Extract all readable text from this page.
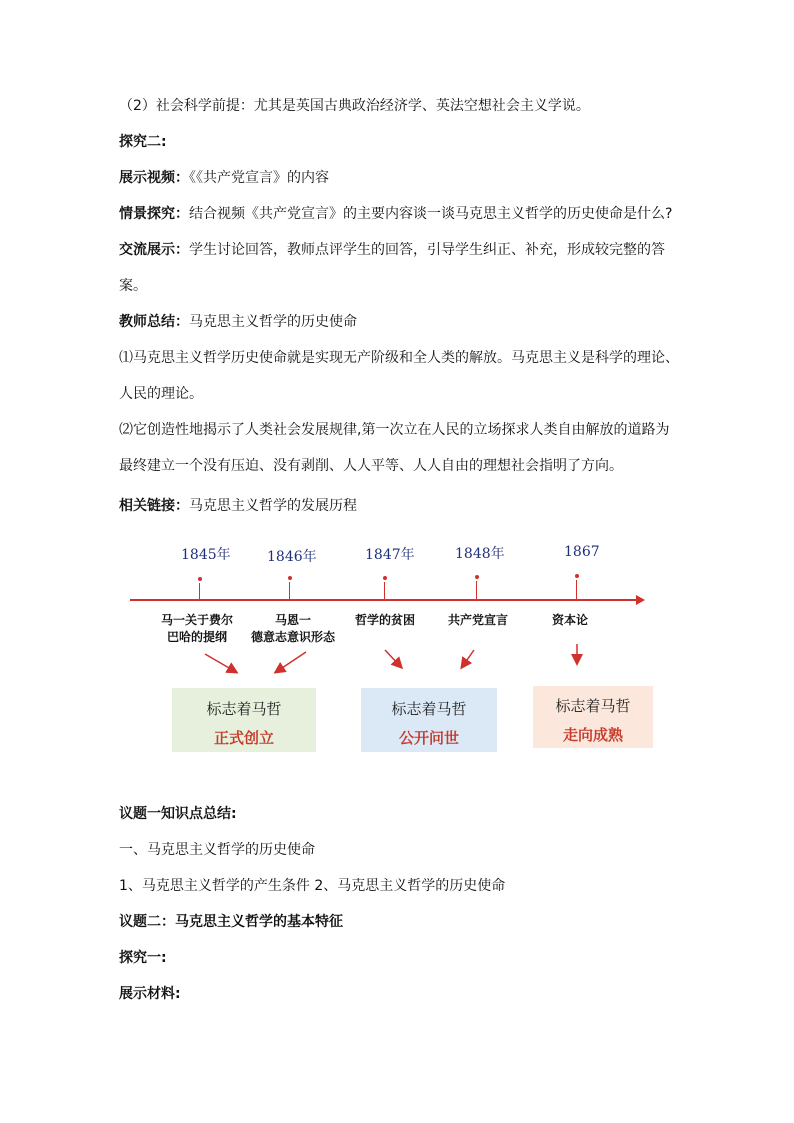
（2）社会科学前提：尤其是英国古典政治经济学、英法空想社会主义学说。

探究二:

展示视频：《《共产党宣言》的内容

情景探究：结合视频《共产党宣言》的主要内容谈一谈马克思主义哲学的历史使命是什么?

交流展示：学生讨论回答，教师点评学生的回答，引导学生纠正、补充，形成较完整的答案。

教师总结：马克思主义哲学的历史使命

⑴马克思主义哲学历史使命就是实现无产阶级和全人类的解放。马克思主义是科学的理论、人民的理论。

⑵它创造性地揭示了人类社会发展规律,第一次立在人民的立场探求人类自由解放的道路为最终建立一个没有压迫、没有剥削、人人平等、人人自由的理想社会指明了方向。

相关链接：马克思主义哲学的发展历程

1845年	1846年	1847年	1848年	1867
马一关于费尔
巴哈的提纲
马恩一
德意志意识形态
哲学的贫困	共产党宣言	资本论
标志着马哲
正式创立
标志着马哲
公开问世
标志着马哲
走向成熟

议题一知识点总结:

一、马克思主义哲学的历史使命

1、马克思主义哲学的产生条件 2、马克思主义哲学的历史使命

议题二：马克思主义哲学的基本特征

探究一:

展示材料:
